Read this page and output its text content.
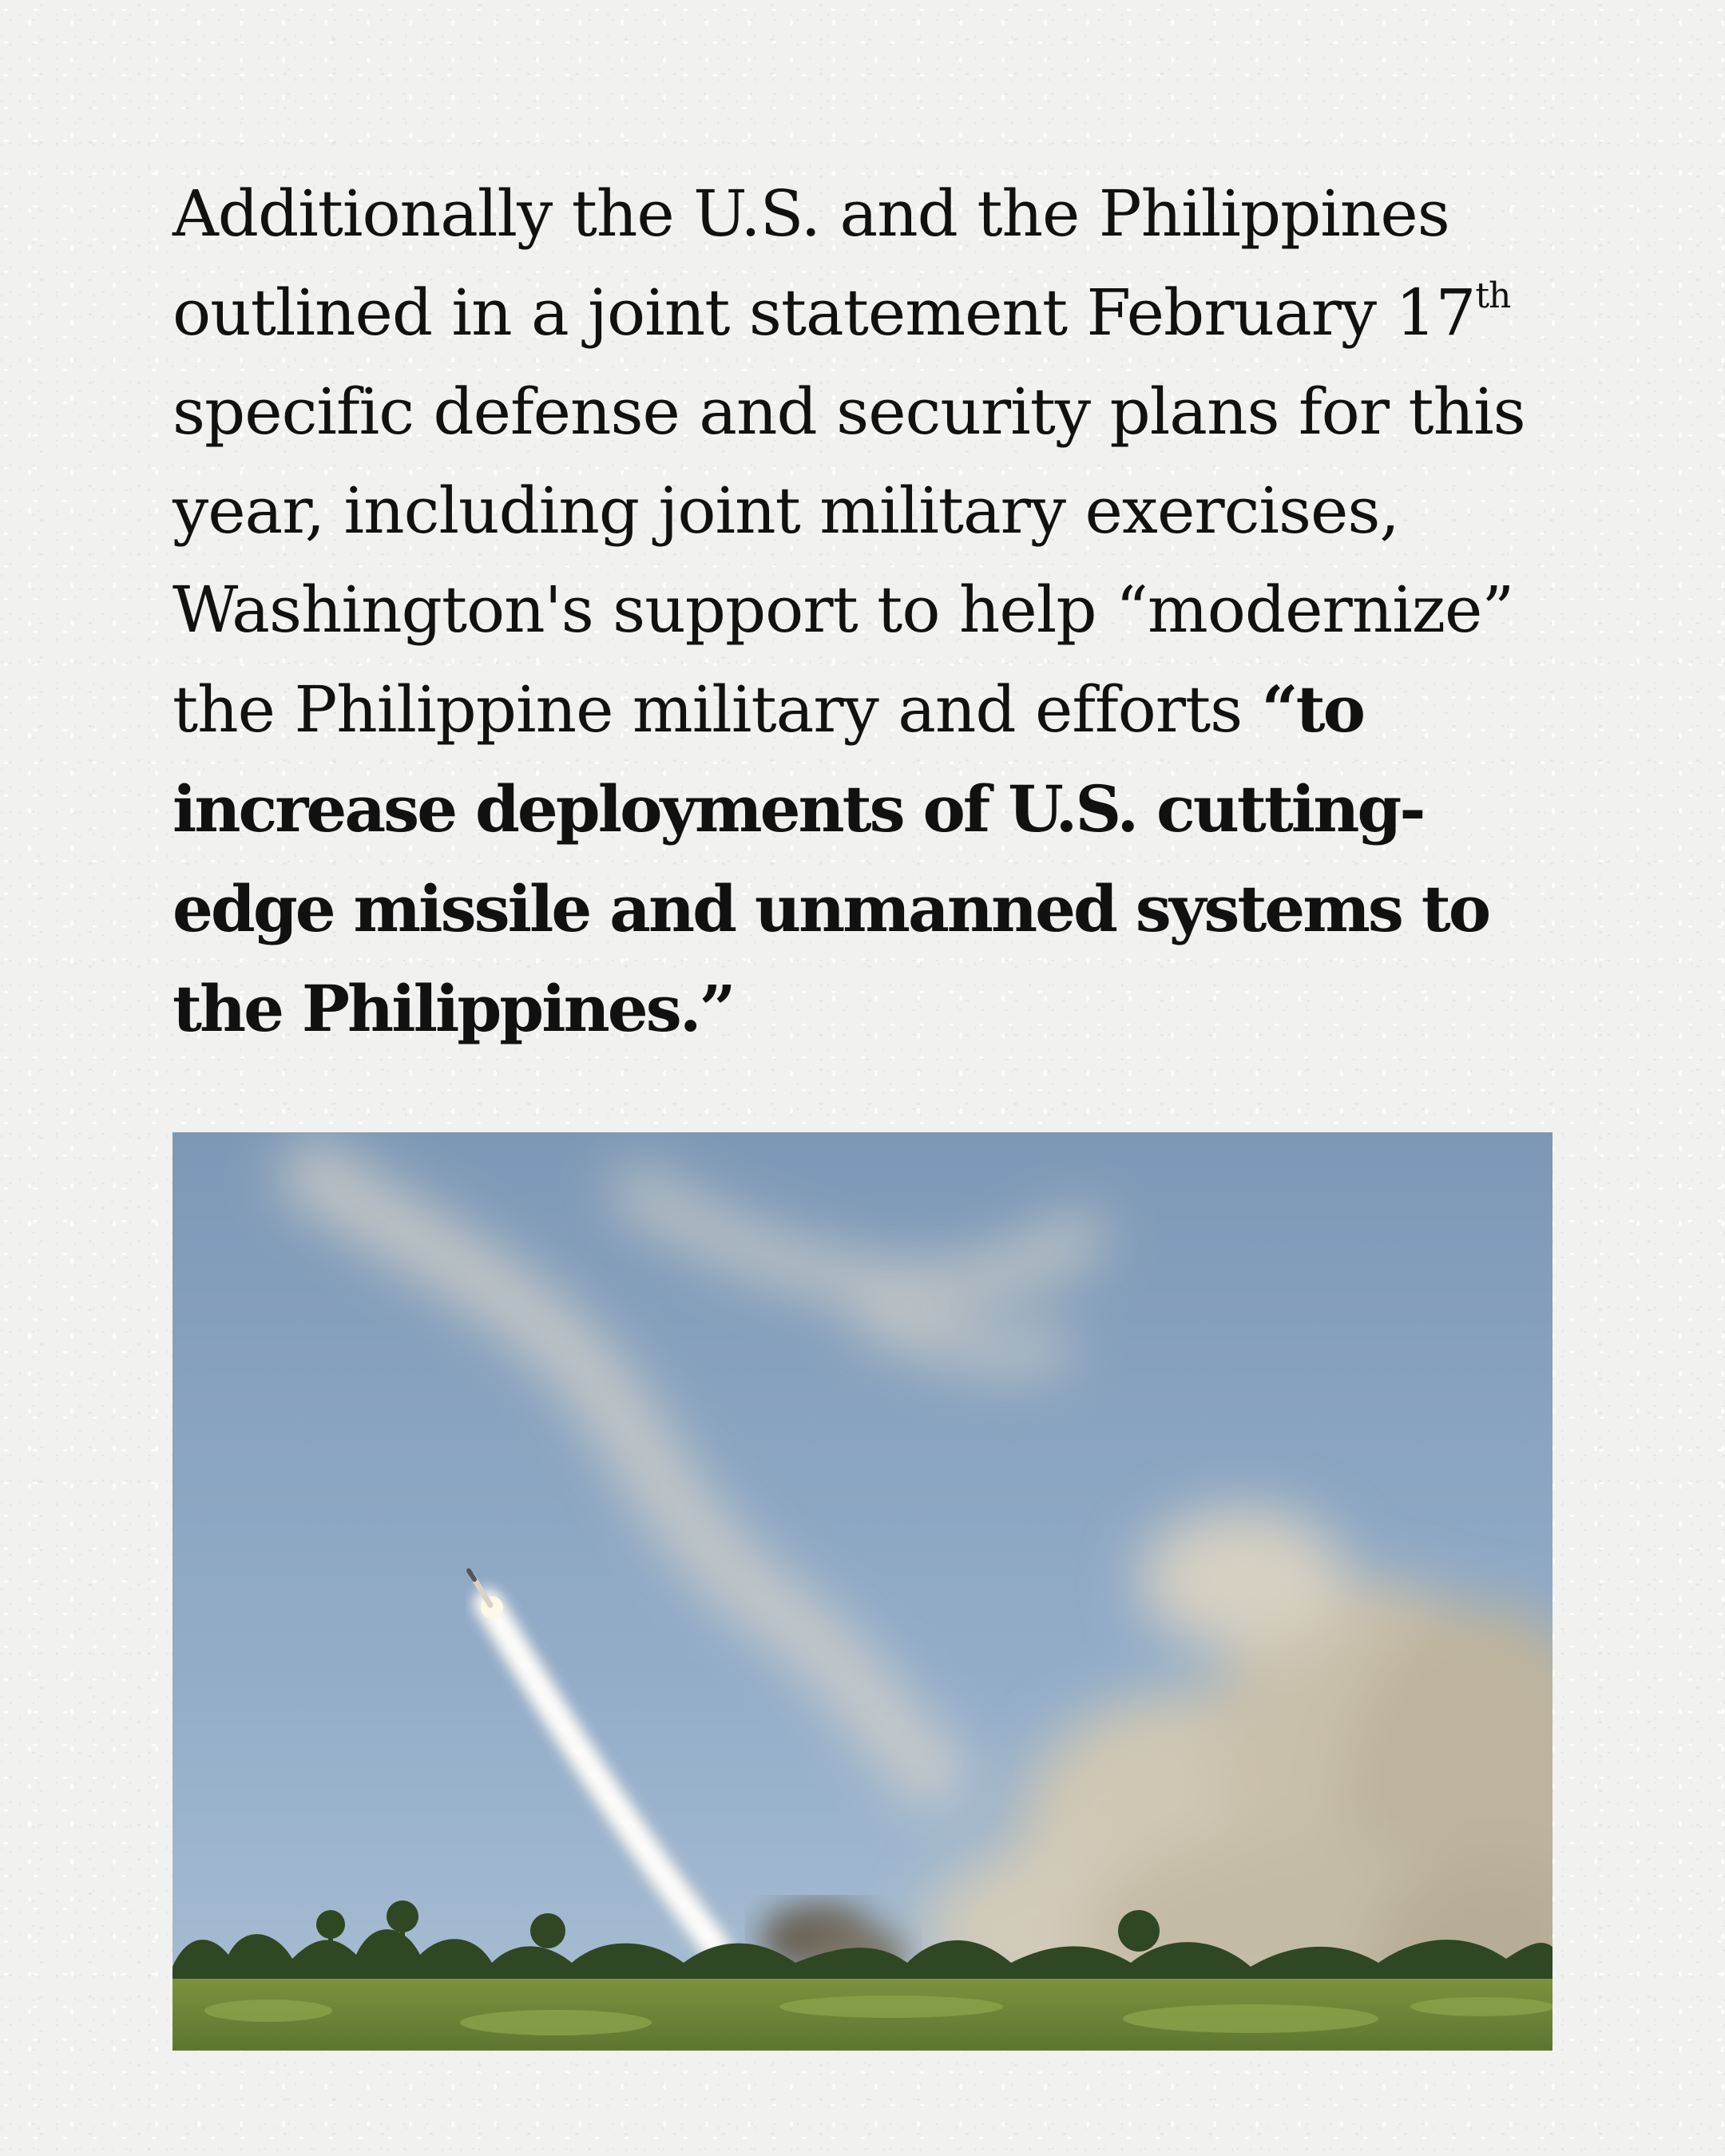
Additionally the U.S. and the Philippines outlined in a joint statement February 17th specific defense and security plans for this year, including joint military exercises, Washington's support to help “modernize” the Philippine military and efforts “to increase deployments of U.S. cutting-edge missile and unmanned systems to the Philippines.”
